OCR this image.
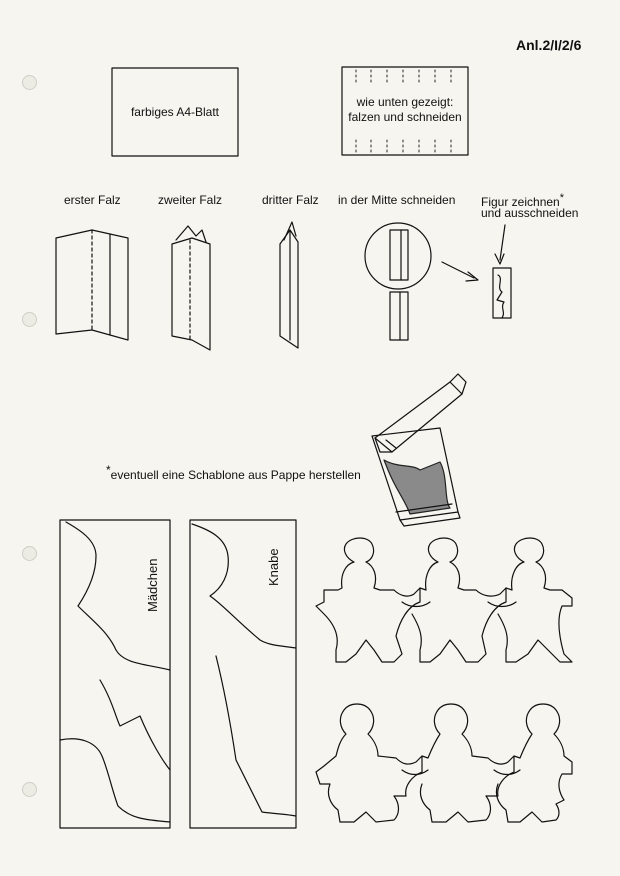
Anl.2/I/2/6
farbiges A4-Blatt
wie unten gezeigt:
falzen und schneiden
erster Falz	zweiter Falz	dritter Falz in der Mitte schneiden Figur zeichnen*
und ausschneiden
*eventuell eine Schablone aus Pappe herstellen
Mädchen	Knabe
